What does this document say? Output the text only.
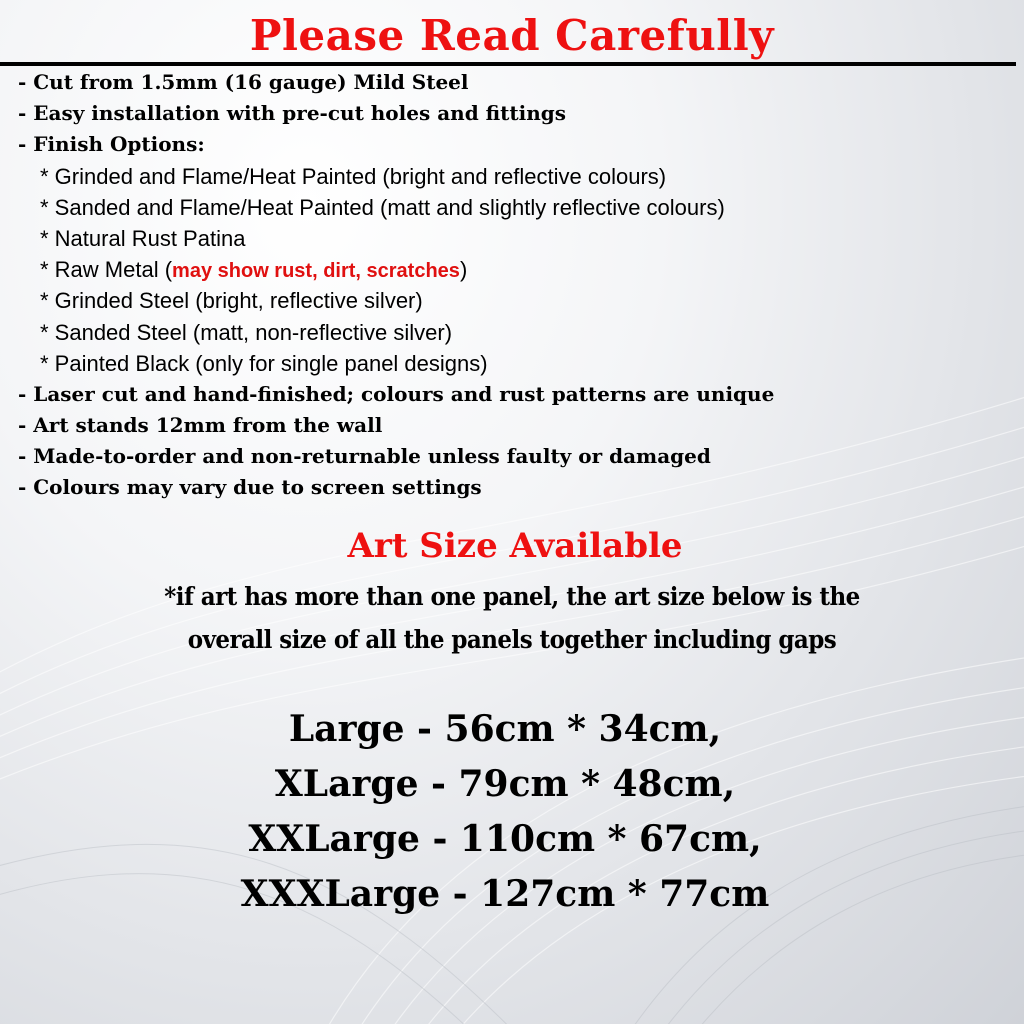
Please Read Carefully
- Cut from 1.5mm (16 gauge) Mild Steel
- Easy installation with pre-cut holes and fittings
- Finish Options:
* Grinded and Flame/Heat Painted (bright and reflective colours)
* Sanded and Flame/Heat Painted (matt and slightly reflective colours)
* Natural Rust Patina
* Raw Metal (may show rust, dirt, scratches)
* Grinded Steel (bright, reflective silver)
* Sanded Steel (matt, non-reflective silver)
* Painted Black (only for single panel designs)
- Laser cut and hand-finished; colours and rust patterns are unique
- Art stands 12mm from the wall
- Made-to-order and non-returnable unless faulty or damaged
- Colours may vary due to screen settings
Art Size Available
*if art has more than one panel, the art size below is the
overall size of all the panels together including gaps
Large - 56cm * 34cm,
XLarge - 79cm * 48cm,
XXLarge - 110cm * 67cm,
XXXLarge - 127cm * 77cm
